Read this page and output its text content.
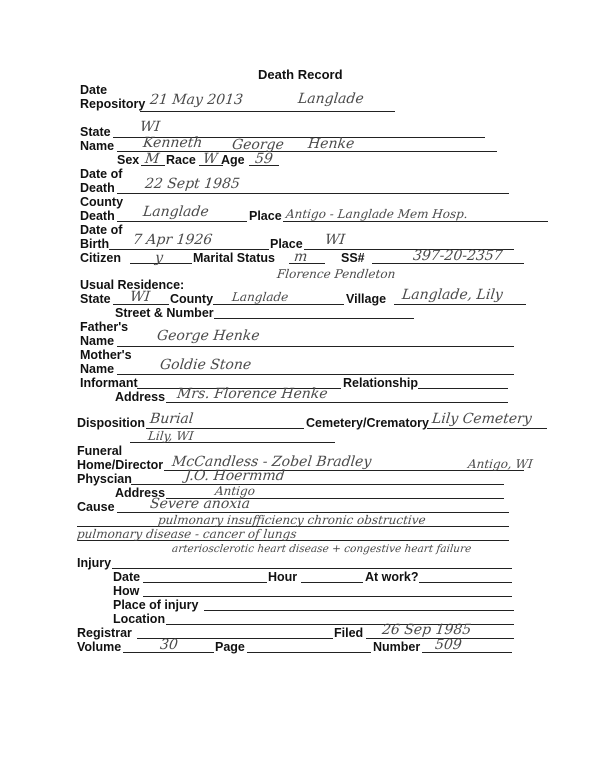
Death Record
Date
Repository 21 May 2013	Langlade
State WI
Name Kenneth George Henke
Sex M Race W Age 59
Date of
Death 22 Sept 1985
County
Death Langlade	Place Antigo - Langlade Mem Hosp.
Date of
Birth 7 Apr 1926	Place WI
Citizen y Marital Status m	SS#	397-20-2357
Florence Pendleton
Usual Residence:
State WI County Langlade	Village Langlade, Lily
Street & Number
Father's
Name	George Henke
Mother's
Name	Goldie Stone
Informant	Relationship
Address Mrs. Florence Henke
Disposition Burial	Cemetery/Crematory Lily Cemetery
Lily, WI
Funeral
Home/Director McCandless - Zobel Bradley	Antigo, WI
Physcian	J.O. Hoermmd
Address	Antigo
Cause Severe anoxia
pulmonary insufficiency chronic obstructive
pulmonary disease - cancer of lungs
arteriosclerotic heart disease + congestive heart failure
Injury
Date	Hour	At work?
How
Place of injury
Location
Registrar	Filed 26 Sep 1985
Volume	30	Page	Number 509
